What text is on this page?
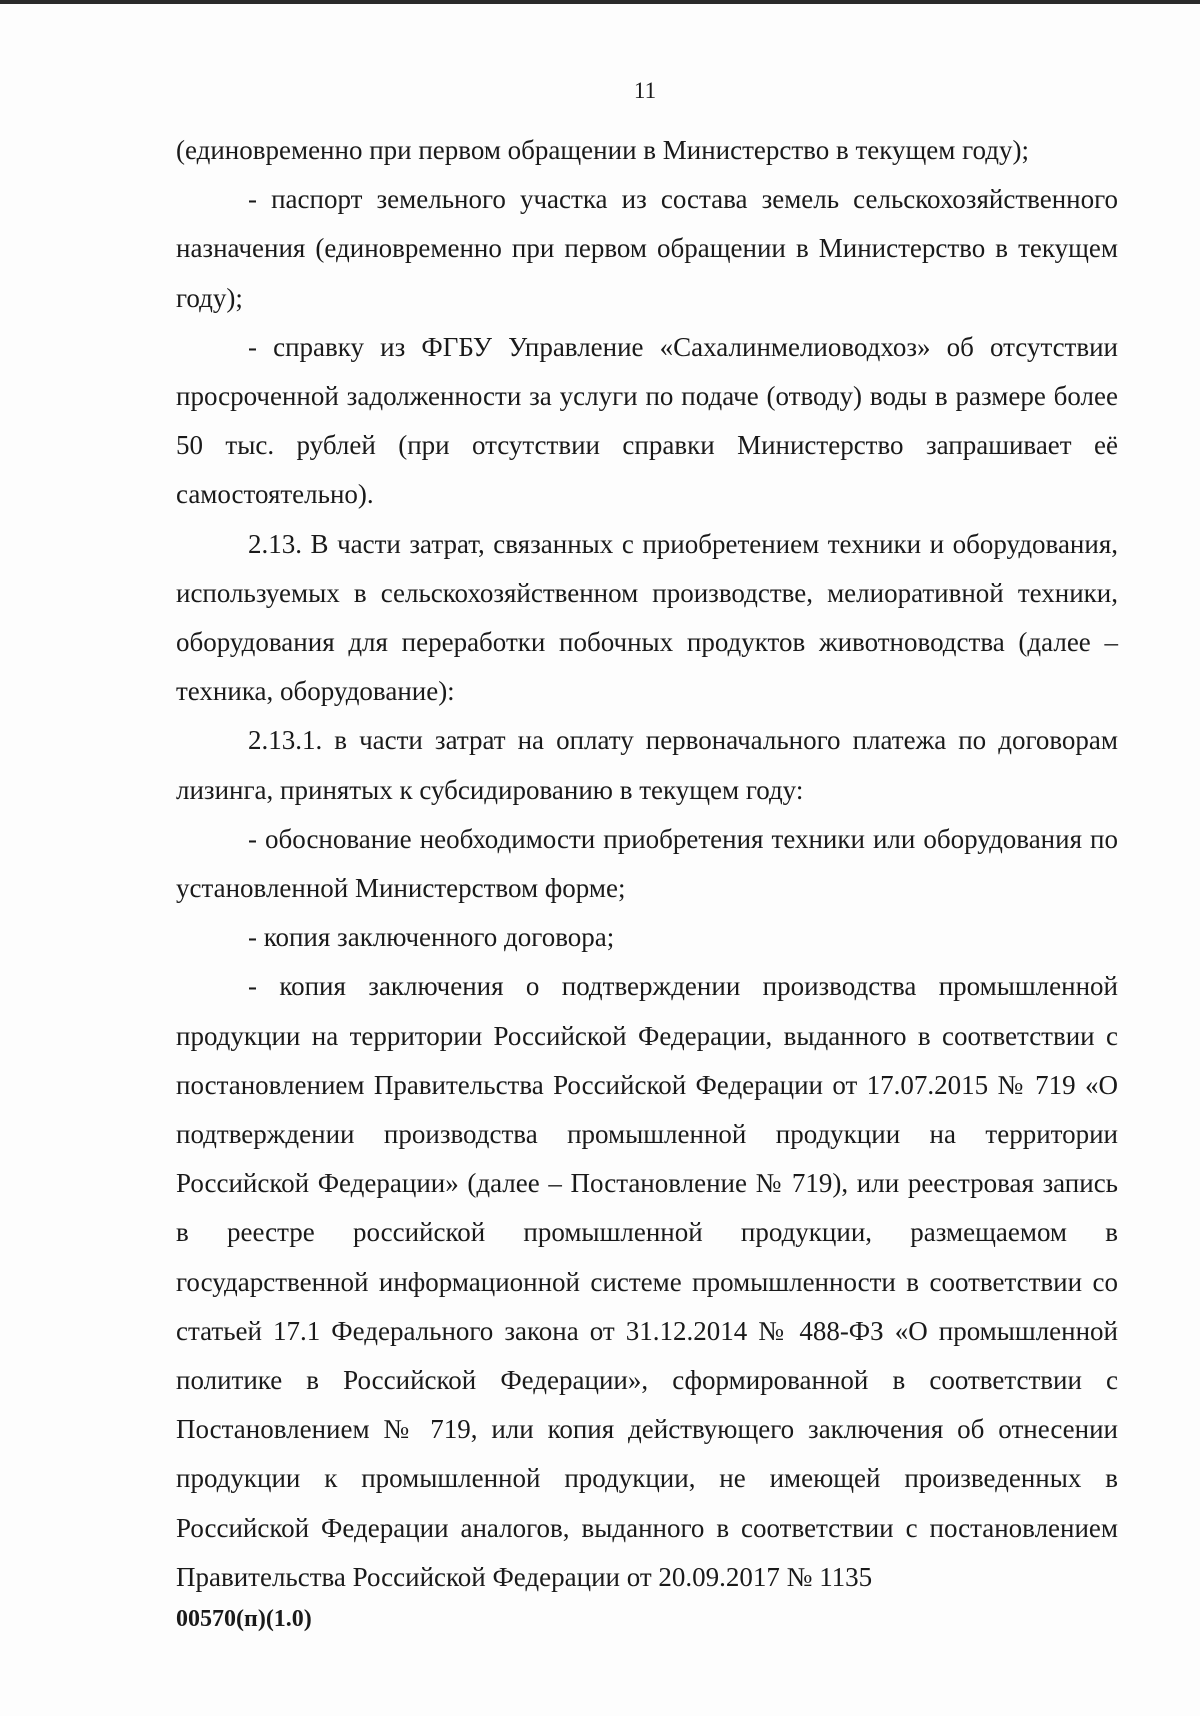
11

(единовременно при первом обращении в Министерство в текущем году);

- паспорт земельного участка из состава земель сельскохозяйственного назначения (единовременно при первом обращении в Министерство в текущем году);

- справку из ФГБУ Управление «Сахалинмелиоводхоз» об отсутствии просроченной задолженности за услуги по подаче (отводу) воды в размере более 50 тыс. рублей (при отсутствии справки Министерство запрашивает её самостоятельно).

2.13. В части затрат, связанных с приобретением техники и оборудования, используемых в сельскохозяйственном производстве, мелиоративной техники, оборудования для переработки побочных продуктов животноводства (далее – техника, оборудование):

2.13.1. в части затрат на оплату первоначального платежа по договорам лизинга, принятых к субсидированию в текущем году:

- обоснование необходимости приобретения техники или оборудования по установленной Министерством форме;

- копия заключенного договора;

- копия заключения о подтверждении производства промышленной продукции на территории Российской Федерации, выданного в соответствии с постановлением Правительства Российской Федерации от 17.07.2015 № 719 «О подтверждении производства промышленной продукции на территории Российской Федерации» (далее – Постановление № 719), или реестровая запись в реестре российской промышленной продукции, размещаемом в государственной информационной системе промышленности в соответствии со статьей 17.1 Федерального закона от 31.12.2014 № 488-ФЗ «О промышленной политике в Российской Федерации», сформированной в соответствии с Постановлением № 719, или копия действующего заключения об отнесении продукции к промышленной продукции, не имеющей произведенных в Российской Федерации аналогов, выданного в соответствии с постановлением Правительства Российской Федерации от 20.09.2017 № 1135

00570(п)(1.0)
